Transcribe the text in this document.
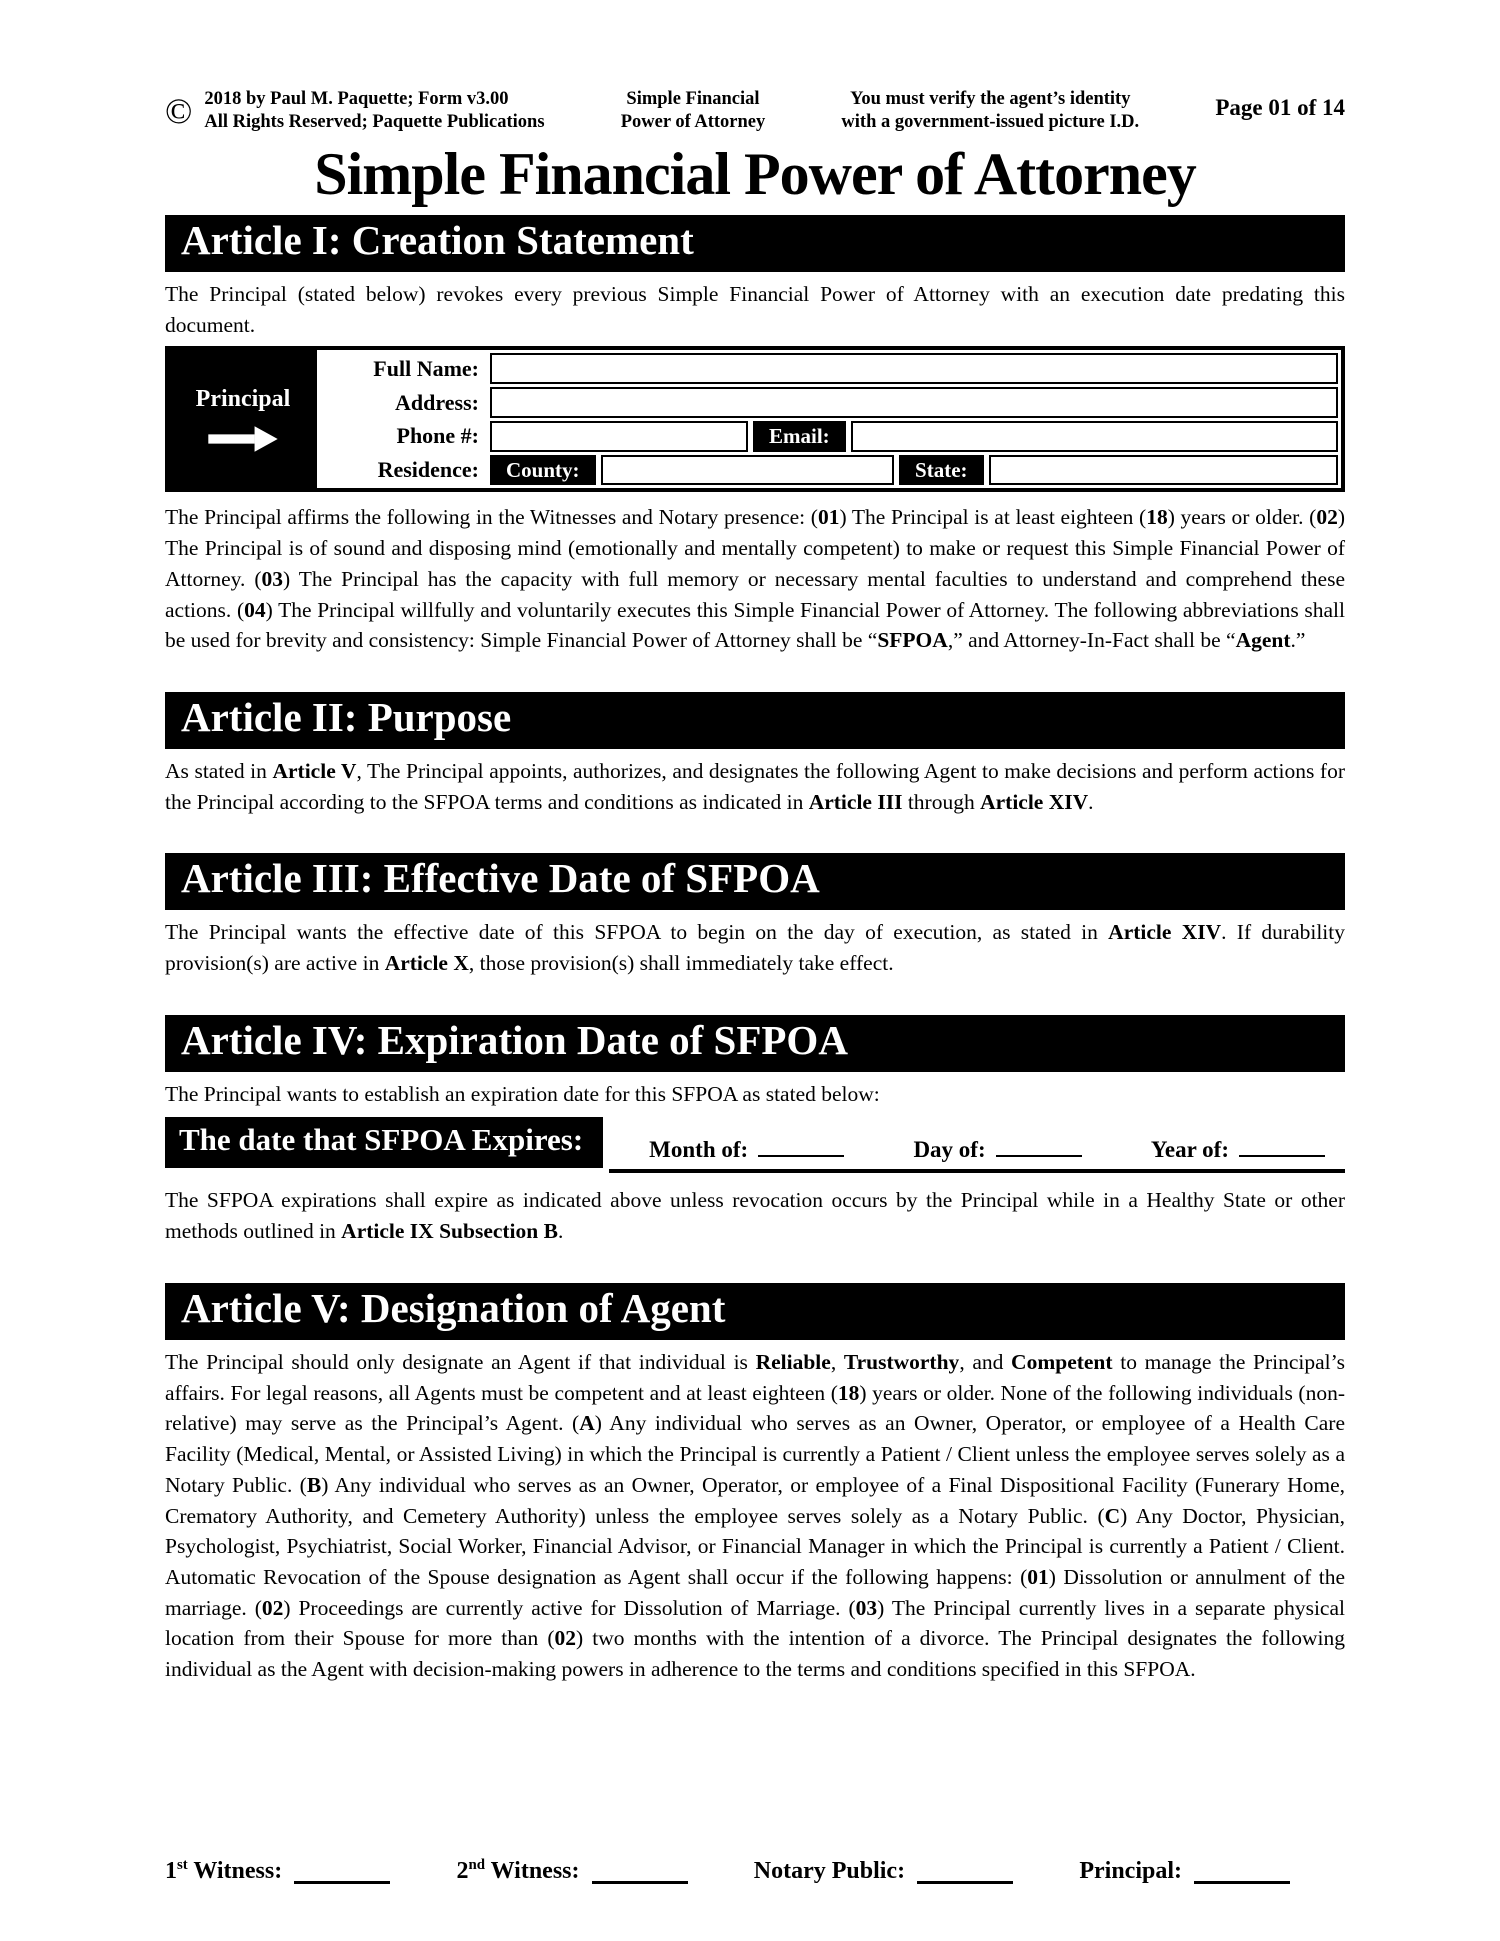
© 2018 by Paul M. Paquette; Form v3.00
All Rights Reserved; Paquette Publications
Simple Financial
Power of Attorney
You must verify the agent’s identity
with a government-issued picture I.D.
Page 01 of 14
Simple Financial Power of Attorney
Article I: Creation Statement

The Principal (stated below) revokes every previous Simple Financial Power of Attorney with an execution date predating this document.

Principal
Full Name:
Address:
Phone #:	Email:
Residence:	County:	State:

The Principal affirms the following in the Witnesses and Notary presence: (01) The Principal is at least eighteen (18) years or older. (02) The Principal is of sound and disposing mind (emotionally and mentally competent) to make or request this Simple Financial Power of Attorney. (03) The Principal has the capacity with full memory or necessary mental faculties to understand and comprehend these actions. (04) The Principal willfully and voluntarily executes this Simple Financial Power of Attorney. The following abbreviations shall be used for brevity and consistency: Simple Financial Power of Attorney shall be “SFPOA,” and Attorney-In-Fact shall be “Agent.”

Article II: Purpose

As stated in Article V, The Principal appoints, authorizes, and designates the following Agent to make decisions and perform actions for the Principal according to the SFPOA terms and conditions as indicated in Article III through Article XIV.

Article III: Effective Date of SFPOA

The Principal wants the effective date of this SFPOA to begin on the day of execution, as stated in Article XIV. If durability provision(s) are active in Article X, those provision(s) shall immediately take effect.

Article IV: Expiration Date of SFPOA

The Principal wants to establish an expiration date for this SFPOA as stated below:

The date that SFPOA Expires:	Month of:	Day of:	Year of:

The SFPOA expirations shall expire as indicated above unless revocation occurs by the Principal while in a Healthy State or other methods outlined in Article IX Subsection B.

Article V: Designation of Agent

The Principal should only designate an Agent if that individual is Reliable, Trustworthy, and Competent to manage the Principal’s affairs. For legal reasons, all Agents must be competent and at least eighteen (18) years or older. None of the following individuals (non-relative) may serve as the Principal’s Agent. (A) Any individual who serves as an Owner, Operator, or employee of a Health Care Facility (Medical, Mental, or Assisted Living) in which the Principal is currently a Patient / Client unless the employee serves solely as a Notary Public. (B) Any individual who serves as an Owner, Operator, or employee of a Final Dispositional Facility (Funerary Home, Crematory Authority, and Cemetery Authority) unless the employee serves solely as a Notary Public. (C) Any Doctor, Physician, Psychologist, Psychiatrist, Social Worker, Financial Advisor, or Financial Manager in which the Principal is currently a Patient / Client. Automatic Revocation of the Spouse designation as Agent shall occur if the following happens: (01) Dissolution or annulment of the marriage. (02) Proceedings are currently active for Dissolution of Marriage. (03) The Principal currently lives in a separate physical location from their Spouse for more than (02) two months with the intention of a divorce. The Principal designates the following individual as the Agent with decision-making powers in adherence to the terms and conditions specified in this SFPOA.

1st Witness:	2nd Witness:	Notary Public:	Principal:
